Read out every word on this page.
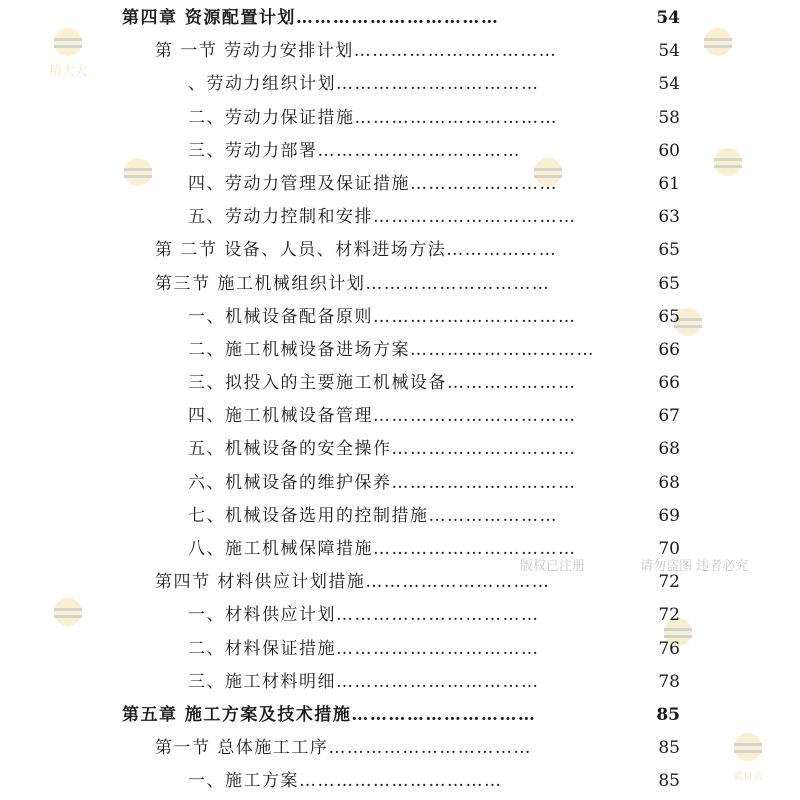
精大大
素材店
版权已注册	请勿盗图 违者必究
第四章 资源配置计划……………………………	54
第 一节 劳动力安排计划……………………………	54
、劳动力组织计划……………………………	54
二、劳动力保证措施……………………………	58
三、劳动力部署……………………………	60
四、劳动力管理及保证措施……………………	61
五、劳动力控制和安排……………………………	63
第 二节 设备、人员、材料进场方法………………	65
第三节 施工机械组织计划…………………………	65
一、机械设备配备原则……………………………	65
二、施工机械设备进场方案…………………………	66
三、拟投入的主要施工机械设备…………………	66
四、施工机械设备管理……………………………	67
五、机械设备的安全操作…………………………	68
六、机械设备的维护保养…………………………	68
七、机械设备选用的控制措施…………………	69
八、施工机械保障措施……………………………	70
第四节 材料供应计划措施…………………………	72
一、材料供应计划……………………………	72
二、材料保证措施……………………………	76
三、施工材料明细……………………………	78
第五章 施工方案及技术措施…………………………	85
第一节 总体施工工序……………………………	85
一、施工方案……………………………	85
